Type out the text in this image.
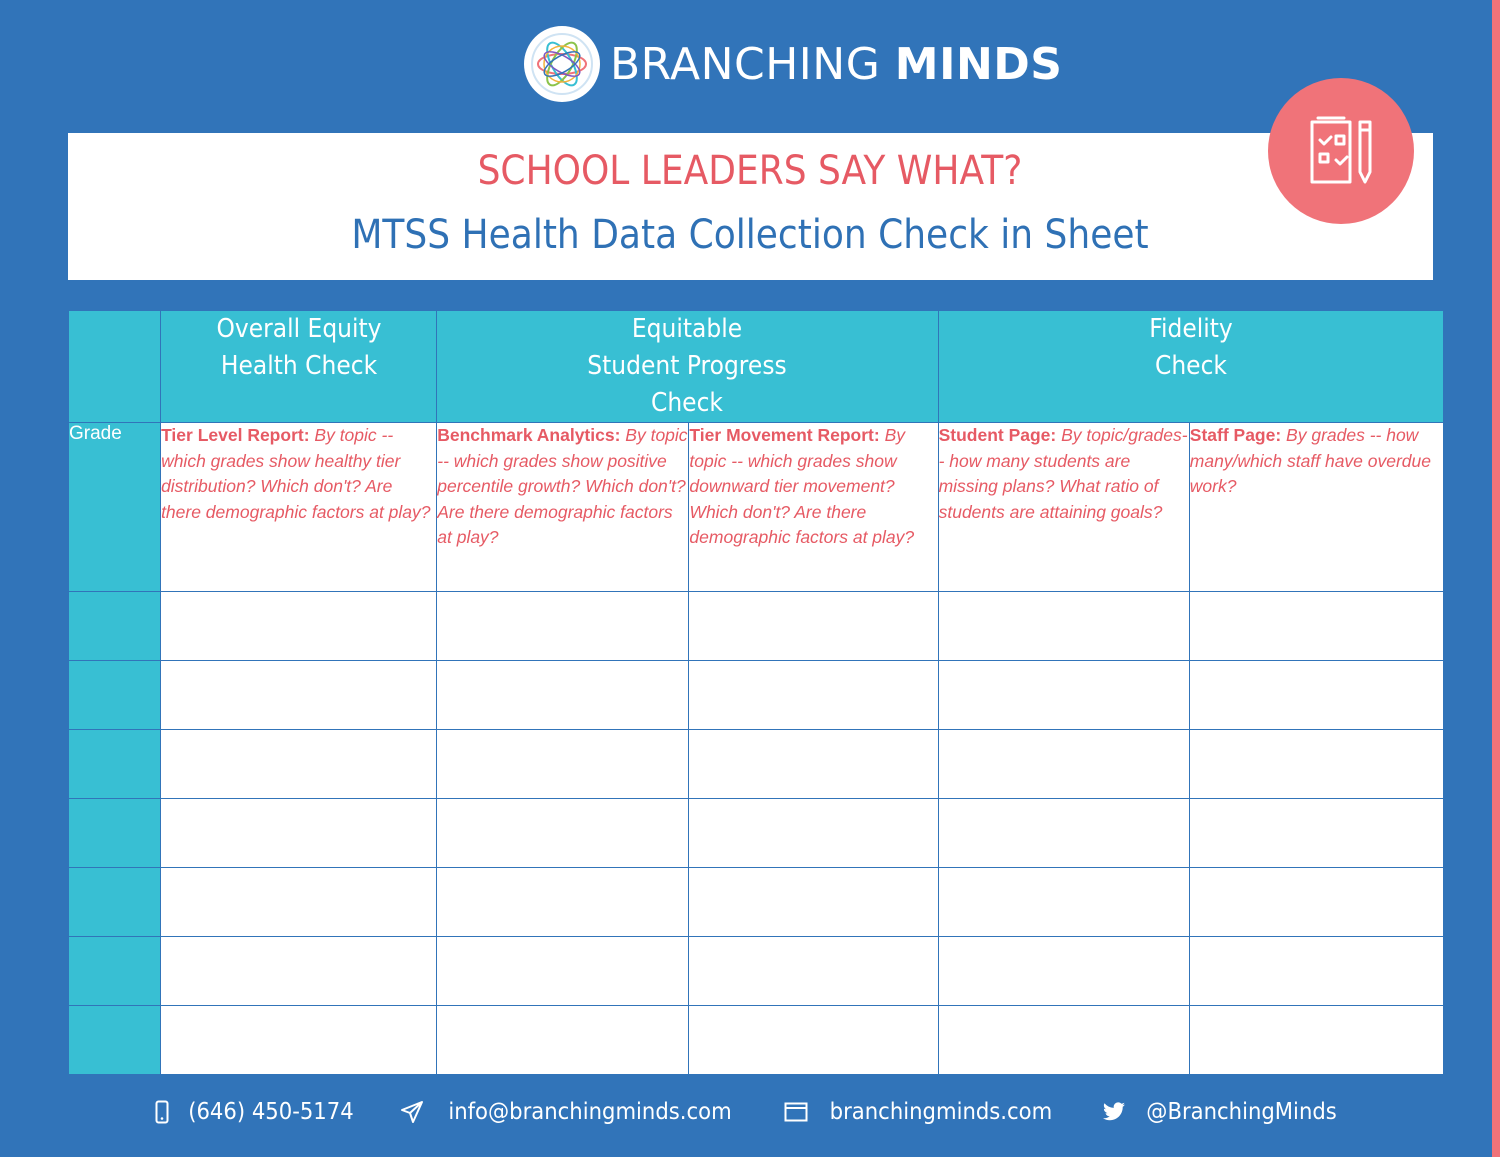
BRANCHING MINDS
SCHOOL LEADERS SAY WHAT?
MTSS Health Data Collection Check in Sheet
	Overall Equity Health Check	Equitable Student Progress Check		Fidelity Check	
Grade	Tier Level Report: By topic -- which grades show healthy tier distribution? Which don't? Are there demographic factors at play?	Benchmark Analytics: By topic -- which grades show positive percentile growth? Which don't? Are there demographic factors at play?	Tier Movement Report: By topic -- which grades show downward tier movement? Which don't? Are there demographic factors at play?	Student Page: By topic/grades-- how many students are missing plans? What ratio of students are attaining goals?	Staff Page: By grades -- how many/which staff have overdue work?

(646) 450-5174	info@branchingminds.com	branchingminds.com	@BranchingMinds
